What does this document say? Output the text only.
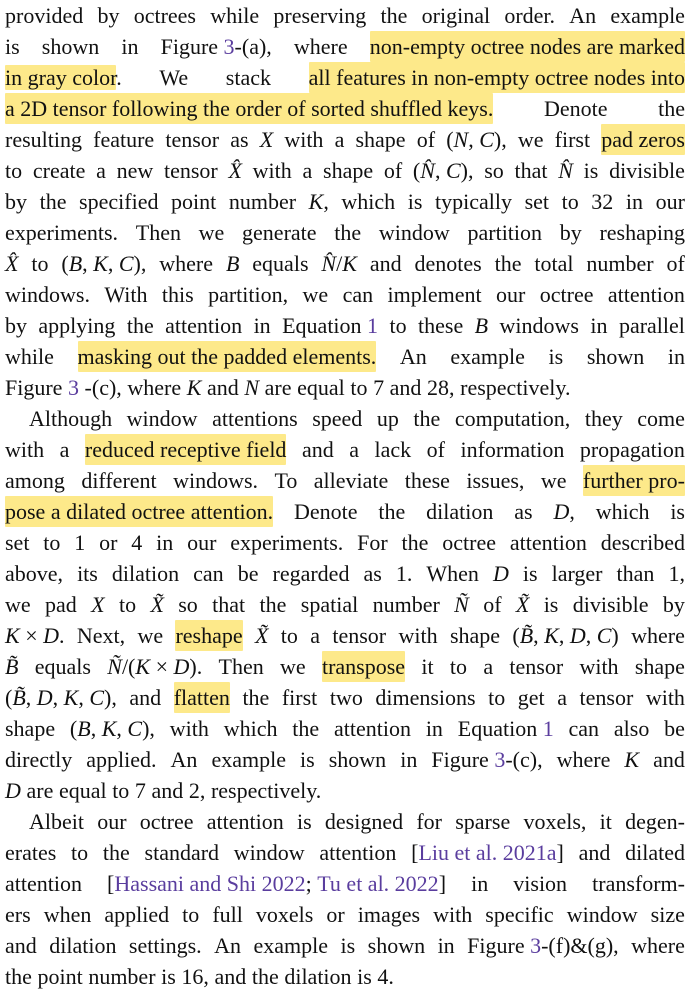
provided by octrees while preserving the original order. An example
is shown in Figure 3-(a), where non-empty octree nodes are marked
in gray color. We stack all features in non-empty octree nodes into
a 2D tensor following the order of sorted shuffled keys. Denote the
resulting feature tensor as X with a shape of (N, C), we first pad zeros
to create a new tensor X̂ with a shape of (N̂, C), so that N̂ is divisible
by the specified point number K, which is typically set to 32 in our
experiments. Then we generate the window partition by reshaping
X̂ to (B, K, C), where B equals N̂/K and denotes the total number of
windows. With this partition, we can implement our octree attention
by applying the attention in Equation 1 to these B windows in parallel
while masking out the padded elements. An example is shown in
Figure 3 -(c), where K and N are equal to 7 and 28, respectively.
Although window attentions speed up the computation, they come
with a reduced receptive field and a lack of information propagation
among different windows. To alleviate these issues, we further pro-
pose a dilated octree attention. Denote the dilation as D, which is
set to 1 or 4 in our experiments. For the octree attention described
above, its dilation can be regarded as 1. When D is larger than 1,
we pad X to X̃ so that the spatial number Ñ of X̃ is divisible by
K × D. Next, we reshape X̃ to a tensor with shape (B̃, K, D, C) where
B̃ equals Ñ/(K × D). Then we transpose it to a tensor with shape
(B̃, D, K, C), and flatten the first two dimensions to get a tensor with
shape (B, K, C), with which the attention in Equation 1 can also be
directly applied. An example is shown in Figure 3-(c), where K and
D are equal to 7 and 2, respectively.
Albeit our octree attention is designed for sparse voxels, it degen-
erates to the standard window attention [Liu et al. 2021a] and dilated
attention [Hassani and Shi 2022; Tu et al. 2022] in vision transform-
ers when applied to full voxels or images with specific window size
and dilation settings. An example is shown in Figure 3-(f)&(g), where
the point number is 16, and the dilation is 4.
